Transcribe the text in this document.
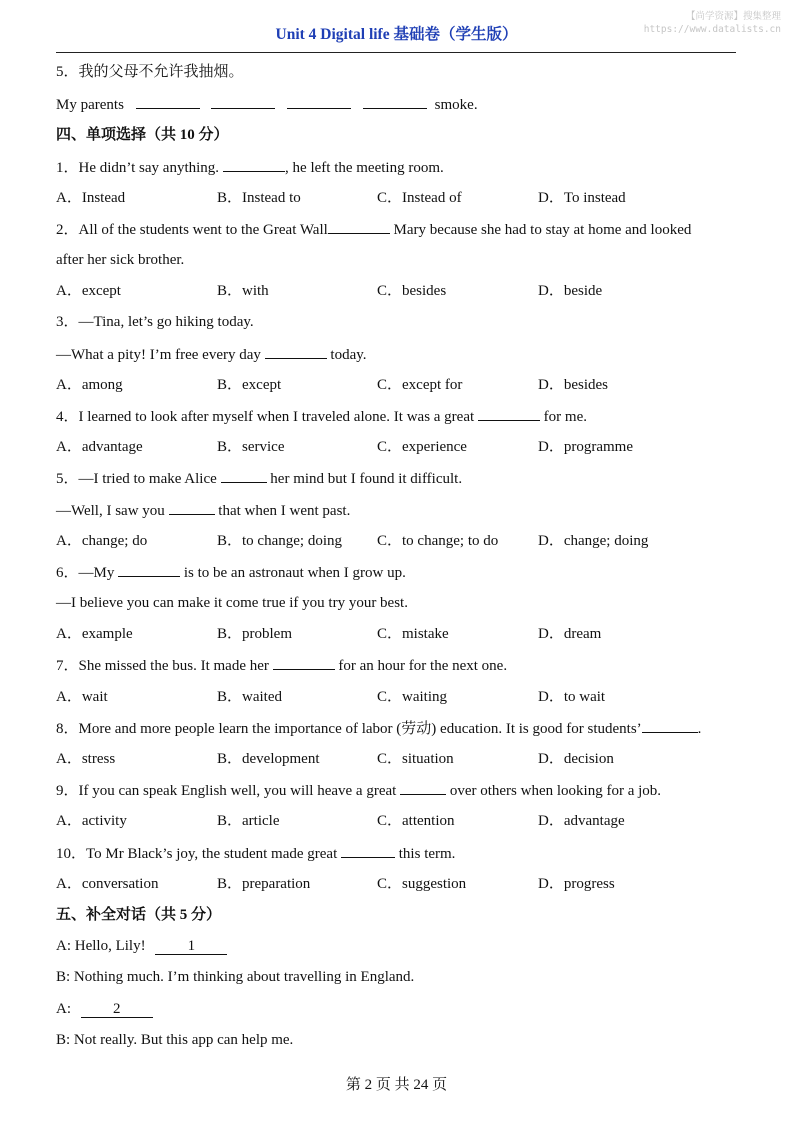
Unit 4 Digital life 基础卷（学生版）
【尚学资源】搜集整理
https://www.datalists.cn
5．我的父母不允许我抽烟。
My parents	smoke.
四、单项选择（共 10 分）
1．He didn’t say anything.	, he left the meeting room.
A．Instead	B．Instead to	C．Instead of	D．To instead
2．All of the students went to the Great Wall	Mary because she had to stay at home and looked
after her sick brother.
A．except	B．with	C．besides	D．beside
3．—Tina, let’s go hiking today.
—What a pity! I’m free every day	today.
A．among	B．except	C．except for	D．besides
4．I learned to look after myself when I traveled alone. It was a great	for me.
A．advantage	B．service	C．experience	D．programme
5．—I tried to make Alice	her mind but I found it difficult.
—Well, I saw you	that when I went past.
A．change; do	B．to change; doing C．to change; to do	D．change; doing
6．—My	is to be an astronaut when I grow up.
—I believe you can make it come true if you try your best.
A．example	B．problem	C．mistake	D．dream
7．She missed the bus. It made her	for an hour for the next one.
A．wait	B．waited	C．waiting	D．to wait
8．More and more people learn the importance of labor (劳动) education. It is good for students’	.
A．stress	B．development	C．situation	D．decision
9．If you can speak English well, you will heave a great	over others when looking for a job.
A．activity	B．article	C．attention	D．advantage
10．To Mr Black’s joy, the student made great	this term.
A．conversation	B．preparation	C．suggestion	D．progress
五、补全对话（共 5 分）
A: Hello, Lily!	1
B: Nothing much. I’m thinking about travelling in England.
A:	2
B: Not really. But this app can help me.
第 2 页 共 24 页
